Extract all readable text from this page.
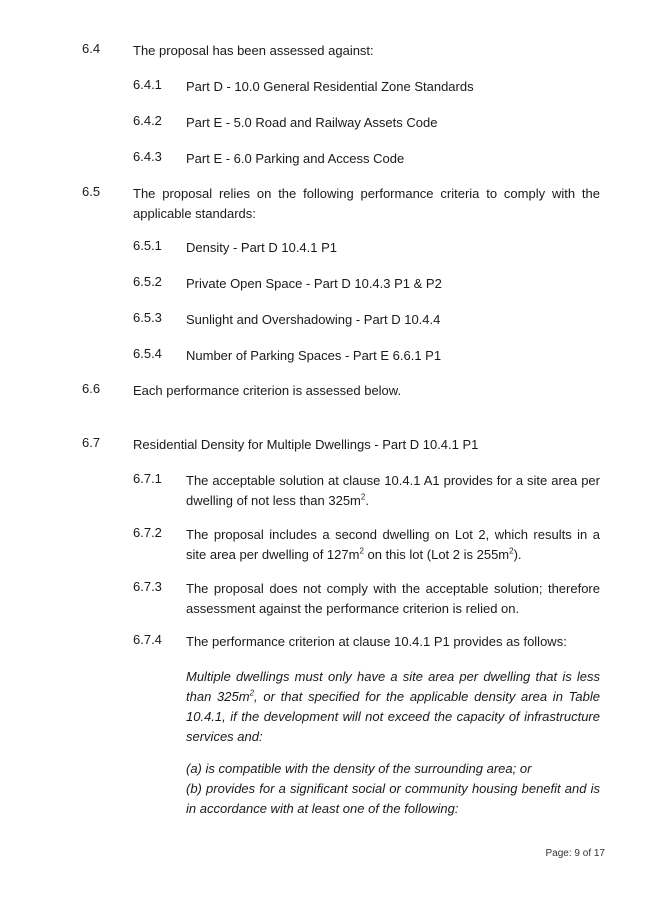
6.4	The proposal has been assessed against:
6.4.1 Part D - 10.0 General Residential Zone Standards
6.4.2 Part E - 5.0 Road and Railway Assets Code
6.4.3 Part E - 6.0 Parking and Access Code
6.5	The proposal relies on the following performance criteria to comply with the applicable standards:
6.5.1 Density - Part D 10.4.1 P1
6.5.2 Private Open Space - Part D 10.4.3 P1 & P2
6.5.3 Sunlight and Overshadowing - Part D 10.4.4
6.5.4 Number of Parking Spaces - Part E 6.6.1 P1
6.6	Each performance criterion is assessed below.
6.7	Residential Density for Multiple Dwellings - Part D 10.4.1 P1
6.7.1 The acceptable solution at clause 10.4.1 A1 provides for a site area per dwelling of not less than $325m^2$.
6.7.2 The proposal includes a second dwelling on Lot 2, which results in a site area per dwelling of $127m^2$ on this lot (Lot 2 is $255m^2$).
6.7.3 The proposal does not comply with the acceptable solution; therefore assessment against the performance criterion is relied on.
6.7.4 The performance criterion at clause 10.4.1 P1 provides as follows:
Multiple dwellings must only have a site area per dwelling that is less than $325m^2$, or that specified for the applicable density area in Table 10.4.1, if the development will not exceed the capacity of infrastructure services and:
(a) is compatible with the density of the surrounding area; or
(b) provides for a significant social or community housing benefit and is in accordance with at least one of the following:
Page: 9 of 17
